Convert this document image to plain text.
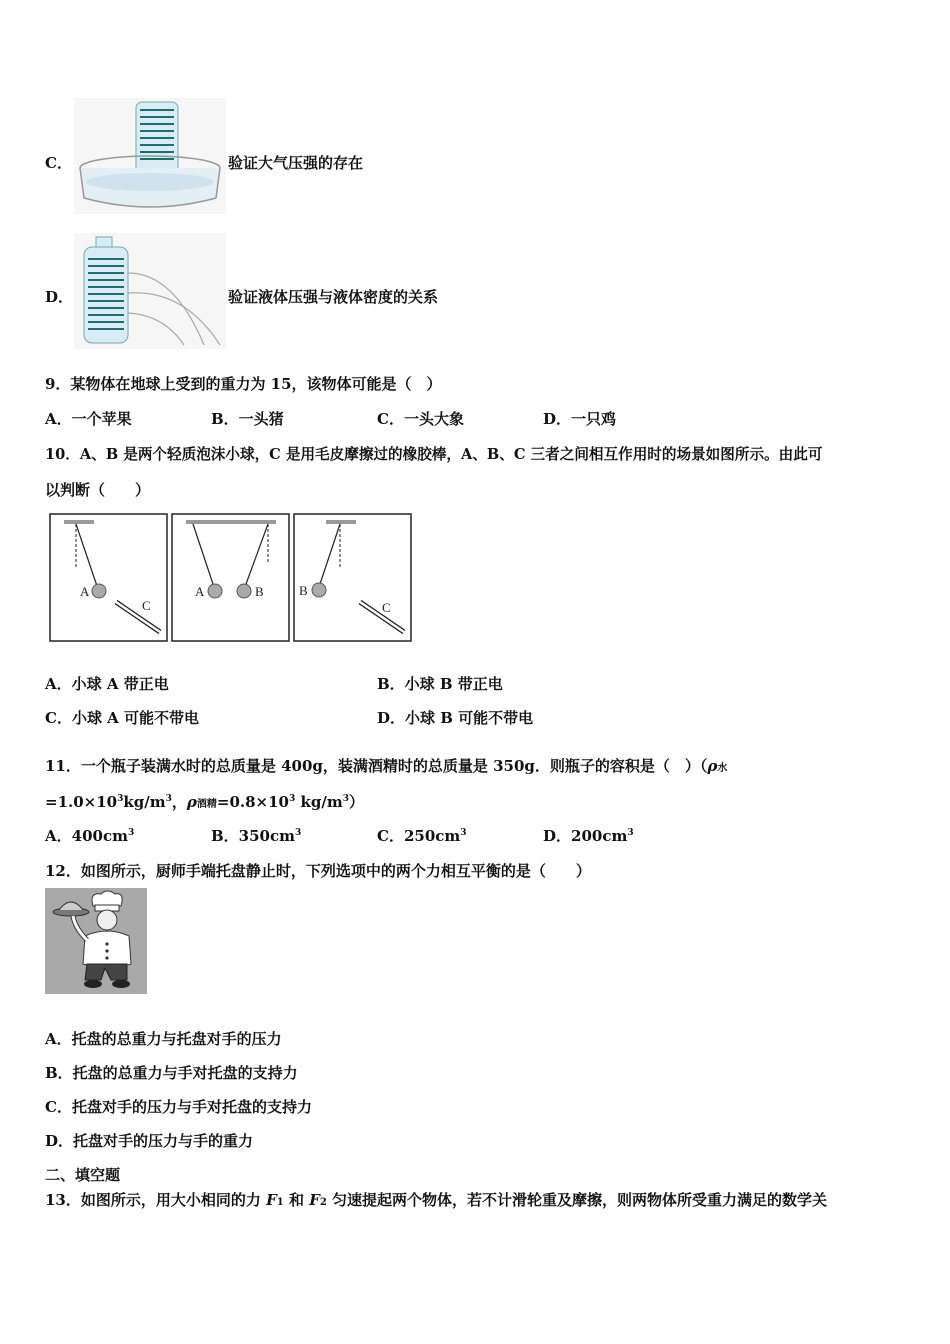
C．	验证大气压强的存在
D．	验证液体压强与液体密度的关系
9．某物体在地球上受到的重力为 15，该物体可能是（　）
A．一个苹果	B．一头猪	C．一头大象	D．一只鸡
10．A、B 是两个轻质泡沫小球，C 是用毛皮摩擦过的橡胶棒，A、B、C 三者之间相互作用时的场景如图所示。由此可
以判断（　　）
A
C
A	B	B
C
A．小球 A 带正电	B．小球 B 带正电
C．小球 A 可能不带电	D．小球 B 可能不带电
11．一个瓶子装满水时的总质量是 400g，装满酒精时的总质量是 350g．则瓶子的容积是（　）（ρ水
$=1.0\times 10^3kg/m^3$，ρ酒精$=0.8\times 10^3$ $kg/m^3$）
A．$400cm^3$	B．$350cm^3$	C．$250cm^3$	D．$200cm^3$
12．如图所示，厨师手端托盘静止时，下列选项中的两个力相互平衡的是（　　）
A．托盘的总重力与托盘对手的压力
B．托盘的总重力与手对托盘的支持力
C．托盘对手的压力与手对托盘的支持力
D．托盘对手的压力与手的重力
二、填空题
13．如图所示，用大小相同的力 F1 和 F2 匀速提起两个物体，若不计滑轮重及摩擦，则两物体所受重力满足的数学关
